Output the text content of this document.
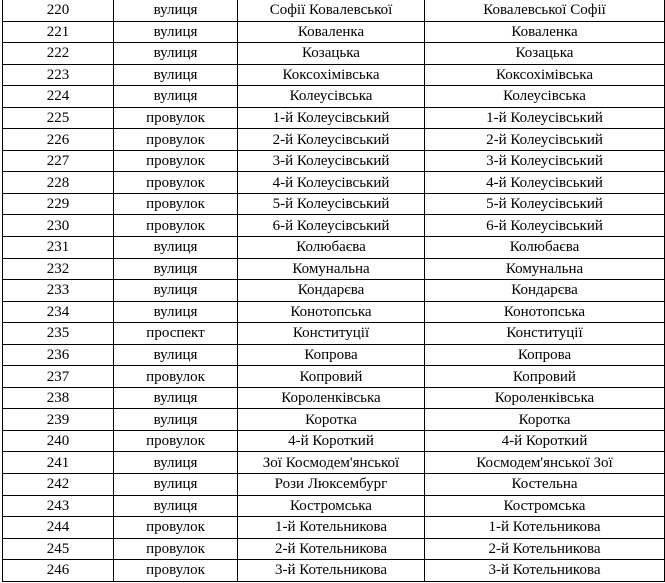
220	вулиця	Софії Ковалевської	Ковалевської Софії
221	вулиця	Коваленка	Коваленка
222	вулиця	Козацька	Козацька
223	вулиця	Коксохімівська	Коксохімівська
224	вулиця	Колеусівська	Колеусівська
225	провулок	1-й Колеусівський	1-й Колеусівський
226	провулок	2-й Колеусівський	2-й Колеусівський
227	провулок	3-й Колеусівський	3-й Колеусівський
228	провулок	4-й Колеусівський	4-й Колеусівський
229	провулок	5-й Колеусівський	5-й Колеусівський
230	провулок	6-й Колеусівський	6-й Колеусівський
231	вулиця	Колюбаєва	Колюбаєва
232	вулиця	Комунальна	Комунальна
233	вулиця	Кондарєва	Кондарєва
234	вулиця	Конотопська	Конотопська
235	проспект	Конституції	Конституції
236	вулиця	Копрова	Копрова
237	провулок	Копровий	Копровий
238	вулиця	Короленківська	Короленківська
239	вулиця	Коротка	Коротка
240	провулок	4-й Короткий	4-й Короткий
241	вулиця	Зої Космодем'янської	Космодем'янської Зої
242	вулиця	Рози Люксембург	Костельна
243	вулиця	Костромська	Костромська
244	провулок	1-й Котельникова	1-й Котельникова
245	провулок	2-й Котельникова	2-й Котельникова
246	провулок	3-й Котельникова	3-й Котельникова
